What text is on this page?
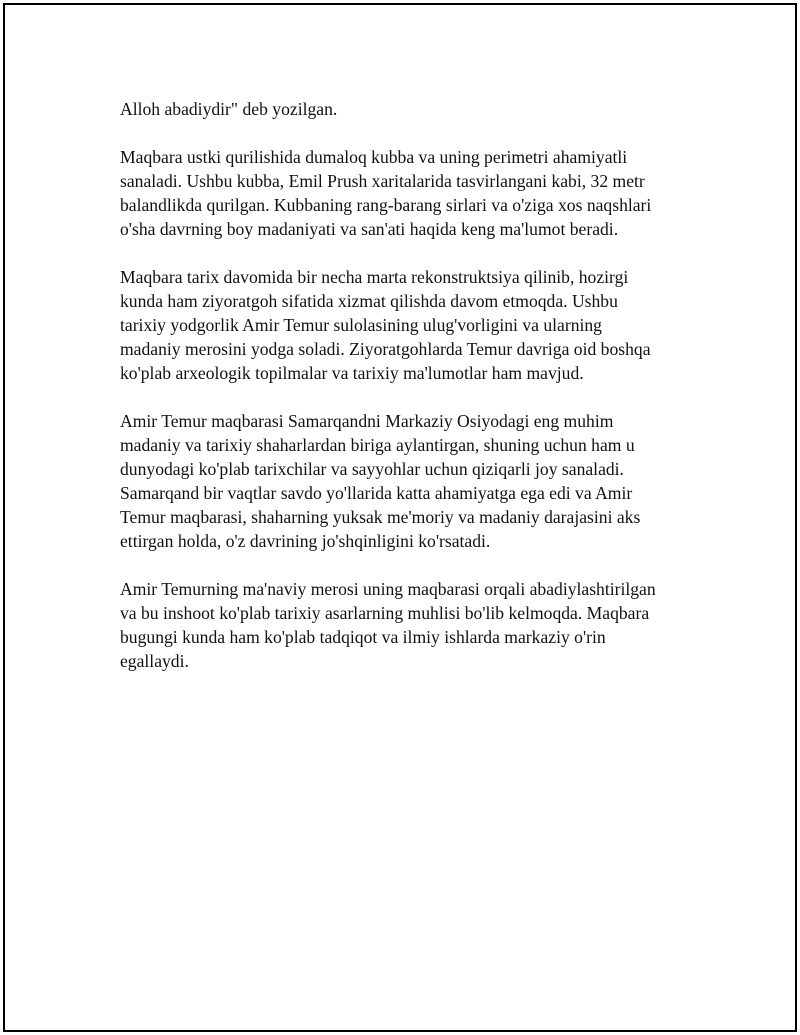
Alloh abadiydir" deb yozilgan.

Maqbara ustki qurilishida dumaloq kubba va uning perimetri ahamiyatli
sanaladi. Ushbu kubba, Emil Prush xaritalarida tasvirlangani kabi, 32 metr
balandlikda qurilgan. Kubbaning rang-barang sirlari va o'ziga xos naqshlari
o'sha davrning boy madaniyati va san'ati haqida keng ma'lumot beradi.

Maqbara tarix davomida bir necha marta rekonstruktsiya qilinib, hozirgi
kunda ham ziyoratgoh sifatida xizmat qilishda davom etmoqda. Ushbu
tarixiy yodgorlik Amir Temur sulolasining ulug'vorligini va ularning
madaniy merosini yodga soladi. Ziyoratgohlarda Temur davriga oid boshqa
ko'plab arxeologik topilmalar va tarixiy ma'lumotlar ham mavjud.

Amir Temur maqbarasi Samarqandni Markaziy Osiyodagi eng muhim
madaniy va tarixiy shaharlardan biriga aylantirgan, shuning uchun ham u
dunyodagi ko'plab tarixchilar va sayyohlar uchun qiziqarli joy sanaladi.
Samarqand bir vaqtlar savdo yo'llarida katta ahamiyatga ega edi va Amir
Temur maqbarasi, shaharning yuksak me'moriy va madaniy darajasini aks
ettirgan holda, o'z davrining jo'shqinligini ko'rsatadi.

Amir Temurning ma'naviy merosi uning maqbarasi orqali abadiylashtirilgan
va bu inshoot ko'plab tarixiy asarlarning muhlisi bo'lib kelmoqda. Maqbara
bugungi kunda ham ko'plab tadqiqot va ilmiy ishlarda markaziy o'rin
egallaydi.
